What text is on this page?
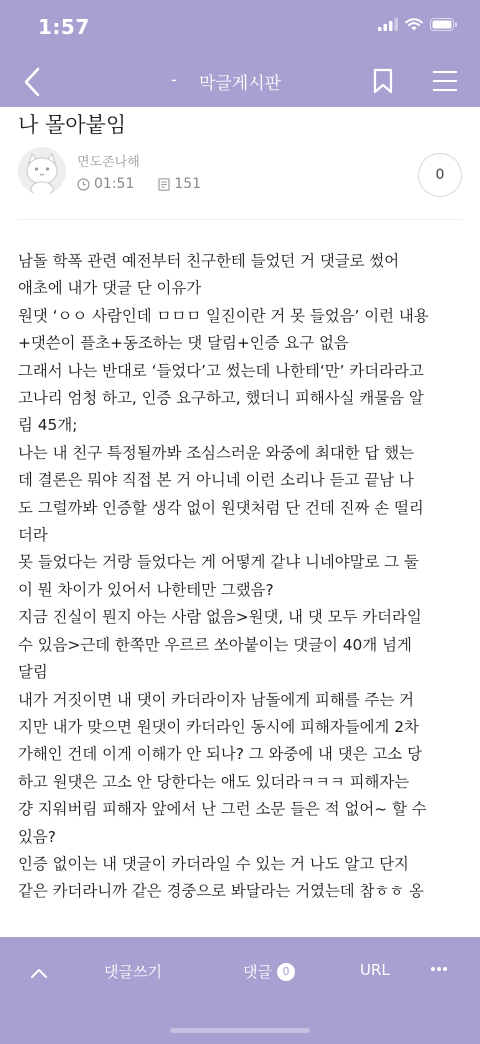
1:57
-	막글게시판
나 몰아붙임
면도존나해
01:51	151
0
남돌 학폭 관련 예전부터 친구한테 들었던 거 댓글로 썼어
애초에 내가 댓글 단 이유가
원댓 ‘ㅇㅇ 사람인데 ㅁㅁㅁ 일진이란 거 못 들었음’ 이런 내용
+댓쓴이 플초+동조하는 댓 달림+인증 요구 없음
그래서 나는 반대로 ‘들었다’고 썼는데 나한테‘만’ 카더라라고
고나리 엄청 하고, 인증 요구하고, 했더니 피해사실 캐물음 알
림 45개;
나는 내 친구 특정될까봐 조심스러운 와중에 최대한 답 했는
데 결론은 뭐야 직접 본 거 아니네 이런 소리나 듣고 끝남 나
도 그럴까봐 인증할 생각 없이 원댓처럼 단 건데 진짜 손 떨리
더라
못 들었다는 거랑 들었다는 게 어떻게 같냐 니네야말로 그 둘
이 뭔 차이가 있어서 나한테만 그랬음?
지금 진실이 뭔지 아는 사람 없음>원댓, 내 댓 모두 카더라일
수 있음>근데 한쪽만 우르르 쏘아붙이는 댓글이 40개 넘게
달림
내가 거짓이면 내 댓이 카더라이자 남돌에게 피해를 주는 거
지만 내가 맞으면 원댓이 카더라인 동시에 피해자들에게 2차
가해인 건데 이게 이해가 안 되나? 그 와중에 내 댓은 고소 당
하고 원댓은 고소 안 당한다는 애도 있더라ㅋㅋㅋ 피해자는
걍 지워버림 피해자 앞에서 난 그런 소문 들은 적 없어~ 할 수
있음?
인증 없이는 내 댓글이 카더라일 수 있는 거 나도 알고 단지
같은 카더라니까 같은 경중으로 봐달라는 거였는데 참ㅎㅎ 옹
댓글쓰기	댓글 0	URL
